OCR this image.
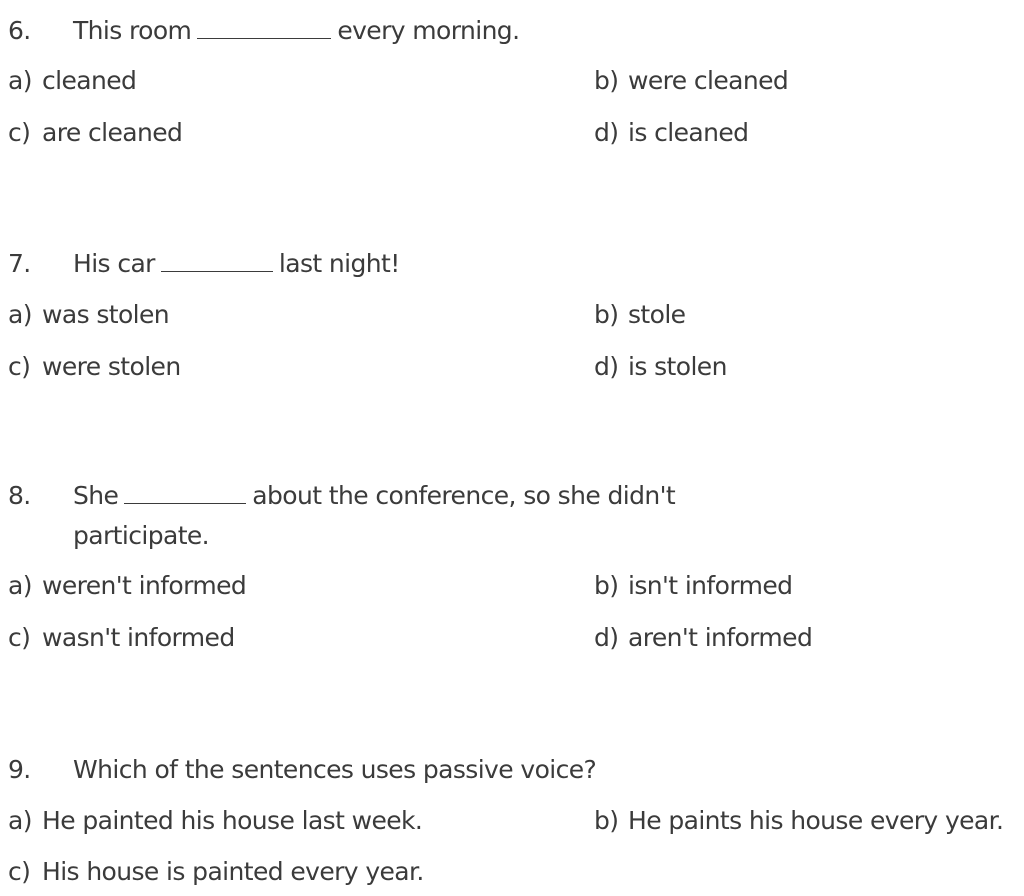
6. This room	every morning.
a) cleaned	b) were cleaned
c) are cleaned	d) is cleaned
7. His car	last night!
a) was stolen	b) stole
c) were stolen	d) is stolen
8. She	about the conference, so she didn't
participate.
a) weren't informed	b) isn't informed
c) wasn't informed	d) aren't informed
9. Which of the sentences uses passive voice?
a) He painted his house last week.	b) He paints his house every year.
c) His house is painted every year.
